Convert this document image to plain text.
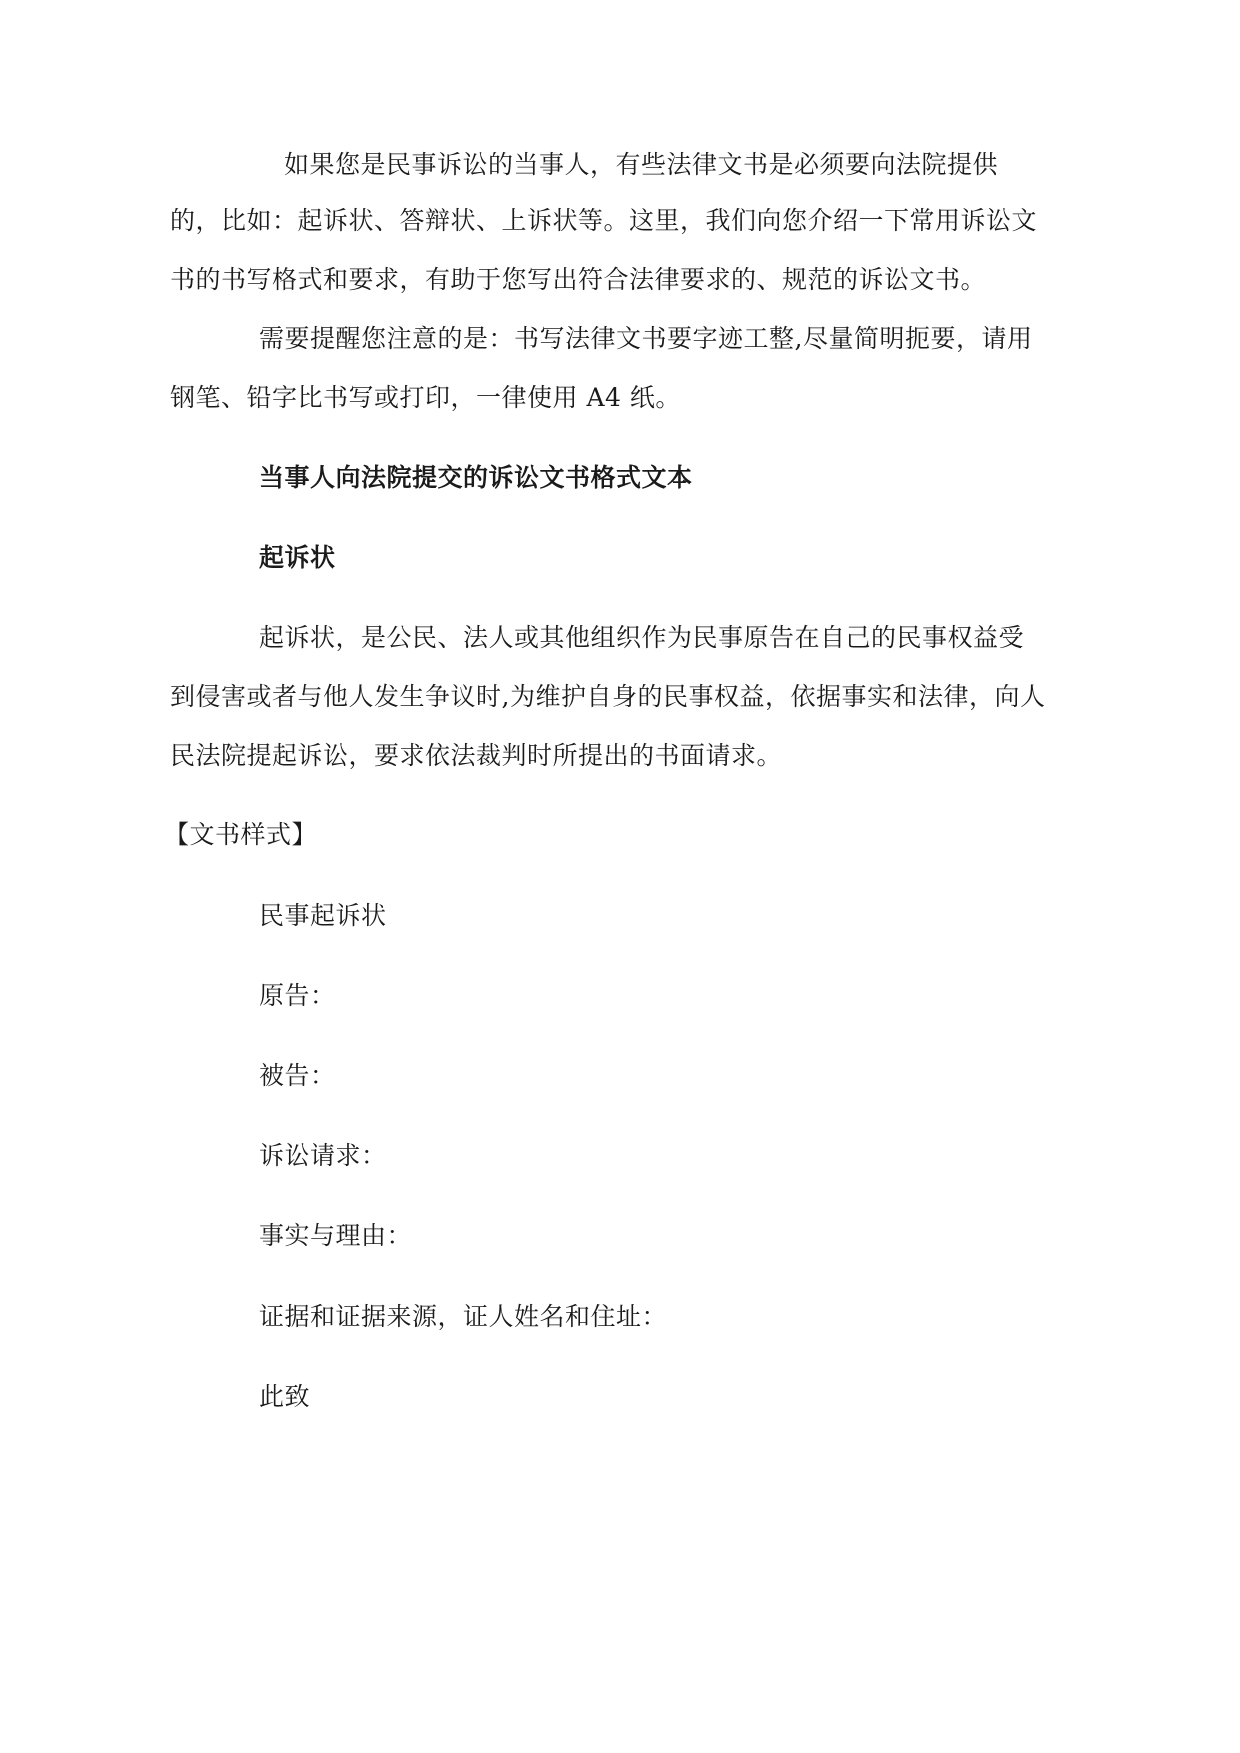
如果您是民事诉讼的当事人，有些法律文书是必须要向法院提供
的，比如：起诉状、答辩状、上诉状等。这里，我们向您介绍一下常用诉讼文
书的书写格式和要求，有助于您写出符合法律要求的、规范的诉讼文书。
需要提醒您注意的是：书写法律文书要字迹工整,尽量简明扼要，请用
钢笔、铅字比书写或打印，一律使用 A4 纸。
当事人向法院提交的诉讼文书格式文本
起诉状
起诉状，是公民、法人或其他组织作为民事原告在自己的民事权益受
到侵害或者与他人发生争议时,为维护自身的民事权益，依据事实和法律，向人
民法院提起诉讼，要求依法裁判时所提出的书面请求。
【文书样式】
民事起诉状
原告：
被告：
诉讼请求：
事实与理由：
证据和证据来源，证人姓名和住址：
此致
